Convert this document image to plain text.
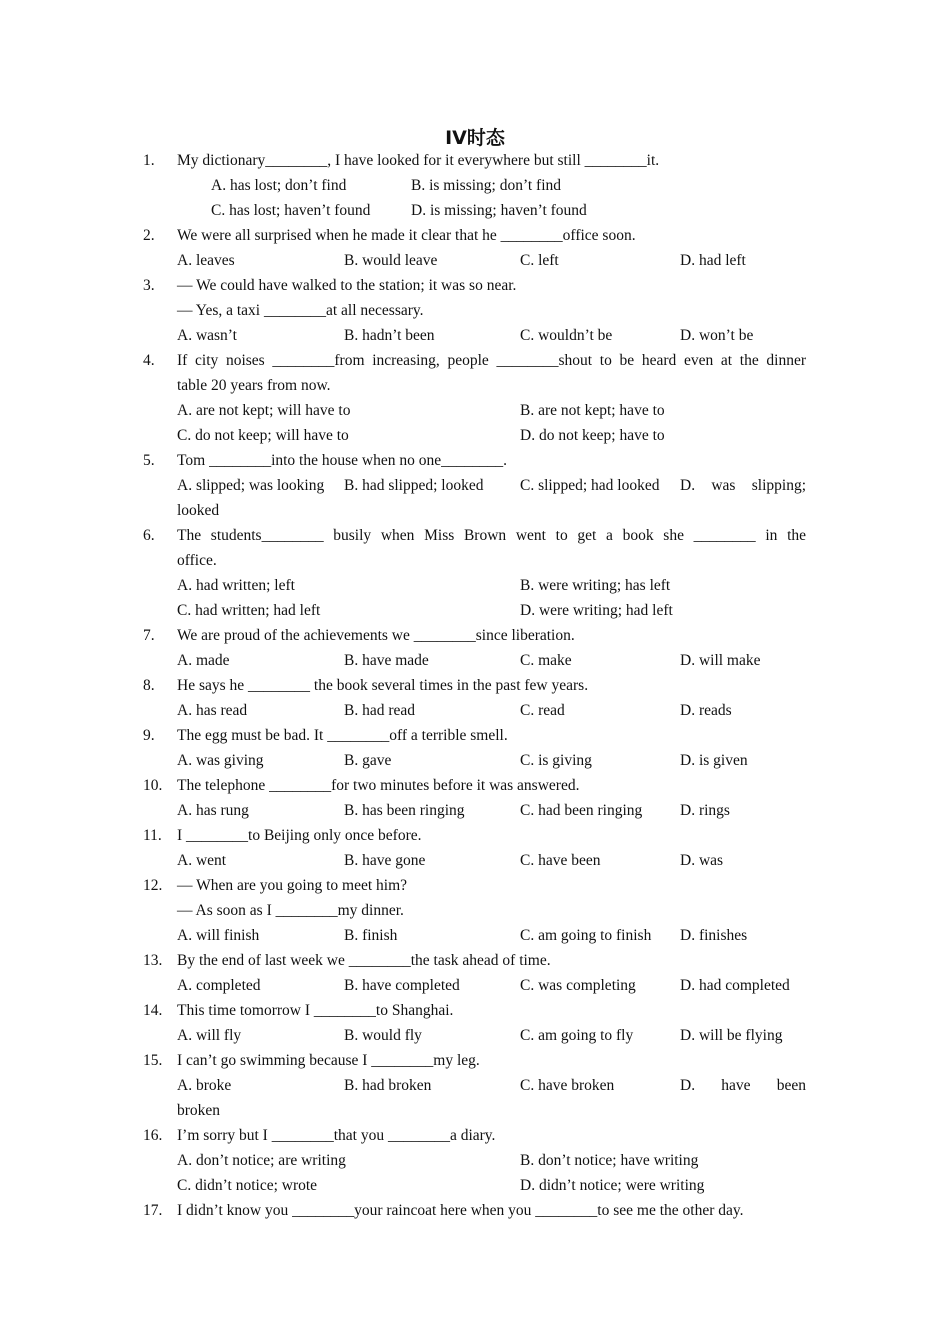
IV时态
1. My dictionary________, I have looked for it everywhere but still ________it.
A. has lost; don’t find	B. is missing; don’t find
C. has lost; haven’t found	D. is missing; haven’t found
2. We were all surprised when he made it clear that he ________office soon.
A. leaves	B. would leave	C. left	D. had left
3. — We could have walked to the station; it was so near.
— Yes, a taxi ________at all necessary.
A. wasn’t	B. hadn’t been	C. wouldn’t be	D. won’t be
4. If city noises ________from increasing, people ________shout to be heard even at the dinner
table 20 years from now.
A. are not kept; will have to	B. are not kept; have to
C. do not keep; will have to	D. do not keep; have to
5. Tom ________into the house when no one________.
A. slipped; was looking B. had slipped; looked C. slipped; had looked D. was slipping;
looked
6. The students________ busily when Miss Brown went to get a book she ________ in the
office.
A. had written; left	B. were writing; has left
C. had written; had left	D. were writing; had left
7. We are proud of the achievements we ________since liberation.
A. made	B. have made	C. make	D. will make
8. He says he ________ the book several times in the past few years.
A. has read	B. had read	C. read	D. reads
9. The egg must be bad. It ________off a terrible smell.
A. was giving	B. gave	C. is giving	D. is given
10. The telephone ________for two minutes before it was answered.
A. has rung	B. has been ringing	C. had been ringing D. rings
11. I ________to Beijing only once before.
A. went	B. have gone	C. have been	D. was
12. — When are you going to meet him?
— As soon as I ________my dinner.
A. will finish	B. finish	C. am going to finish D. finishes
13. By the end of last week we ________the task ahead of time.
A. completed	B. have completed	C. was completing	D. had completed
14. This time tomorrow I ________to Shanghai.
A. will fly	B. would fly	C. am going to fly	D. will be flying
15. I can’t go swimming because I ________my leg.
A. broke	B. had broken	C. have broken	D. have been
broken
16. I’m sorry but I ________that you ________a diary.
A. don’t notice; are writing	B. don’t notice; have writing
C. didn’t notice; wrote	D. didn’t notice; were writing
17. I didn’t know you ________your raincoat here when you ________to see me the other day.
